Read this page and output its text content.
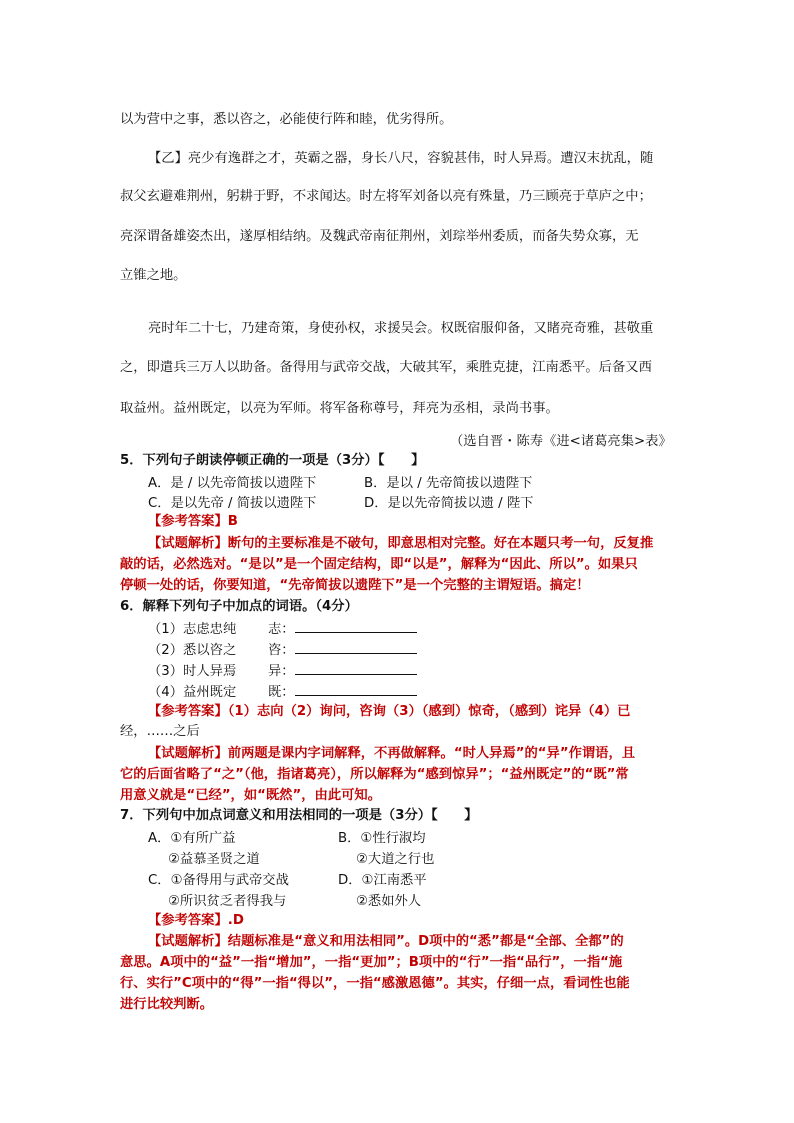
以为营中之事，悉以咨之，必能使行阵和睦，优劣得所。
【乙】亮少有逸群之才，英霸之器，身长八尺，容貌甚伟，时人异焉。遭汉末扰乱，随
叔父玄避难荆州，躬耕于野，不求闻达。时左将军刘备以亮有殊量，乃三顾亮于草庐之中；
亮深谓备雄姿杰出，遂厚相结纳。及魏武帝南征荆州，刘琮举州委质，而备失势众寡，无
立锥之地。
亮时年二十七，乃建奇策，身使孙权，求援吴会。权既宿服仰备，又睹亮奇雅，甚敬重
之，即遣兵三万人以助备。备得用与武帝交战，大破其军，乘胜克捷，江南悉平。后备又西
取益州。益州既定，以亮为军师。将军备称尊号，拜亮为丞相，录尚书事。
（选自晋・陈寿《进<诸葛亮集>表》
5．下列句子朗读停顿正确的一项是（3分）【　　】
A．是 / 以先帝简拔以遗陛下	B．是以 / 先帝简拔以遗陛下
C．是以先帝 / 简拔以遗陛下	D．是以先帝简拔以遗 / 陛下
【参考答案】B
【试题解析】断句的主要标准是不破句，即意思相对完整。好在本题只考一句，反复推
敲的话，必然选对。“是以”是一个固定结构，即“以是”，解释为“因此、所以”。如果只
停顿一处的话，你要知道，“先帝简拔以遗陛下”是一个完整的主谓短语。搞定！
6．解释下列句子中加点的词语。（4分）
（1）志虑忠纯 志：
（2）悉以咨之 咨：
（3）时人异焉 异：
（4）益州既定 既：
【参考答案】（1）志向（2）询问，咨询（3）（感到）惊奇，（感到）诧异（4）已
经，……之后
【试题解析】前两题是课内字词解释，不再做解释。“时人异焉”的“异”作谓语，且
它的后面省略了“之”（他，指诸葛亮），所以解释为“感到惊异”；“益州既定”的“既”常
用意义就是“已经”，如“既然”，由此可知。
7．下列句中加点词意义和用法相同的一项是（3分）【　　】
A．①有所广益	B．①性行淑均
②益慕圣贤之道	②大道之行也
C．①备得用与武帝交战	D．①江南悉平
②所识贫乏者得我与	②悉如外人
【参考答案】.D
【试题解析】结题标准是“意义和用法相同”。D项中的“悉”都是“全部、全都”的
意思。A项中的“益”一指“增加”，一指“更加”；B项中的“行”一指“品行”，一指“施
行、实行”C项中的“得”一指“得以”，一指“感激恩德”。其实，仔细一点，看词性也能
进行比较判断。
